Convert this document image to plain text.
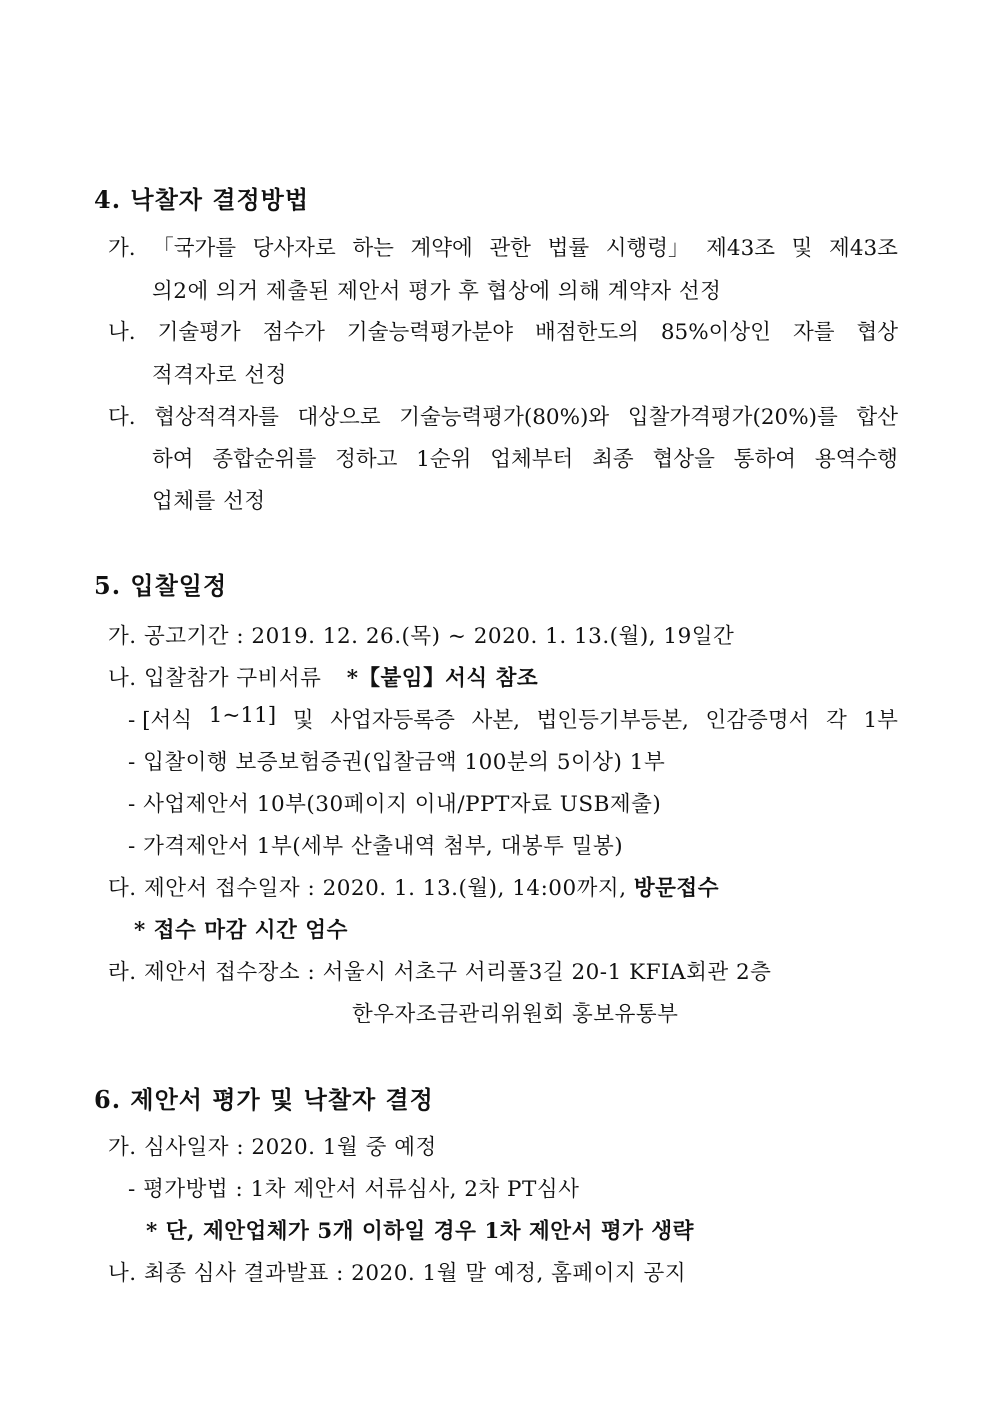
4. 낙찰자 결정방법
가. 「국가를 당사자로 하는 계약에 관한 법률 시행령」 제43조 및 제43조
의2에 의거 제출된 제안서 평가 후 협상에 의해 계약자 선정
나. 기술평가 점수가 기술능력평가분야 배점한도의 85%이상인 자를 협상
적격자로 선정
다. 협상적격자를 대상으로 기술능력평가(80%)와 입찰가격평가(20%)를 합산
하여 종합순위를 정하고 1순위 업체부터 최종 협상을 통하여 용역수행
업체를 선정
5. 입찰일정
가. 공고기간 : 2019. 12. 26.(목) ~ 2020. 1. 13.(월), 19일간
나. 입찰참가 구비서류 *【붙임】서식 참조
- [서식 1~11] 및 사업자등록증 사본, 법인등기부등본, 인감증명서 각 1부
- 입찰이행 보증보험증권(입찰금액 100분의 5이상) 1부
- 사업제안서 10부(30페이지 이내/PPT자료 USB제출)
- 가격제안서 1부(세부 산출내역 첨부, 대봉투 밀봉)
다. 제안서 접수일자 : 2020. 1. 13.(월), 14:00까지, 방문접수
* 접수 마감 시간 엄수
라. 제안서 접수장소 : 서울시 서초구 서리풀3길 20-1 KFIA회관 2층
한우자조금관리위원회 홍보유통부
6. 제안서 평가 및 낙찰자 결정
가. 심사일자 : 2020. 1월 중 예정
- 평가방법 : 1차 제안서 서류심사, 2차 PT심사
* 단, 제안업체가 5개 이하일 경우 1차 제안서 평가 생략
나. 최종 심사 결과발표 : 2020. 1월 말 예정, 홈페이지 공지
